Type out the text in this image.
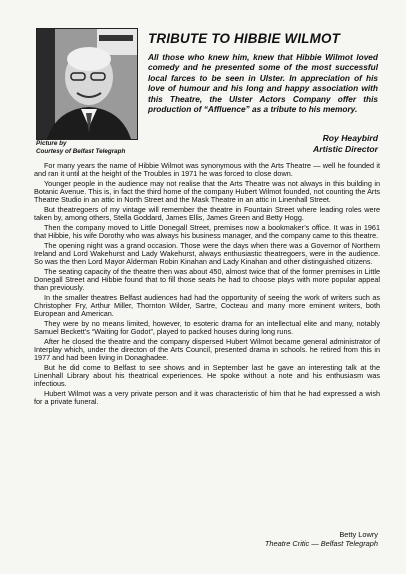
Picture by
Courtesy of Belfast Telegraph
TRIBUTE TO HIBBIE WILMOT
All those who knew him, knew that Hibbie Wilmot loved comedy and he presented some of the most successful local farces to be seen in Ulster. In appreciation of his love of humour and his long and happy association with this Theatre, the Ulster Actors Company offer this production of “Affluence” as a tribute to his memory.
Roy Heaybird
Artistic Director

For many years the name of Hibbie Wilmot was synonymous with the Arts Theatre — well he founded it and ran it until at the height of the Troubles in 1971 he was forced to close down.

Younger people in the audience may not realise that the Arts Theatre was not always in this building in Botanic Avenue. This is, in fact the third home of the company Hubert Wilmot founded, not counting the Arts Theatre Studio in an attic in North Street and the Mask Theatre in an attic in Linenhall Street.

But theatregoers of my vintage will remember the theatre in Fountain Street where leading roles were taken by, among others, Stella Goddard, James Ellis, James Green and Betty Hogg.

Then the company moved to Little Donegall Street, premises now a bookmaker’s office. It was in 1961 that Hibbie, his wife Dorothy who was always his business manager, and the company came to this theatre.

The opening night was a grand occasion. Those were the days when there was a Governor of Northern Ireland and Lord Wakehurst and Lady Wakehurst, always enthusiastic theatregoers, were in the audience. So was the then Lord Mayor Alderman Robin Kinahan and Lady Kinahan and other distinguished citizens.

The seating capacity of the theatre then was about 450, almost twice that of the former premises in Little Donegall Street and Hibbie found that to fill those seats he had to choose plays with more popular appeal than previously.

In the smaller theatres Belfast audiences had had the opportunity of seeing the work of writers such as Christopher Fry, Arthur Miller, Thornton Wilder, Sartre, Cocteau and many more eminent writers, both European and American.

They were by no means limited, however, to esoteric drama for an intellectual elite and many, notably Samuel Beckett’s “Waiting for Godot”, played to packed houses during long runs.

After he closed the theatre and the company dispersed Hubert Wilmot became general administrator of Interplay which, under the directon of the Arts Council, presented drama in schools. he retired from this in 1977 and had been living in Donaghadee.

But he did come to Belfast to see shows and in September last he gave an interesting talk at the Linenhall Library about his theatrical experiences. He spoke without a note and his enthusiasm was infectious.

Hubert Wilmot was a very private person and it was characteristic of him that he had expressed a wish for a private funeral.

Betty Lowry
Theatre Critic — Belfast Telegraph
